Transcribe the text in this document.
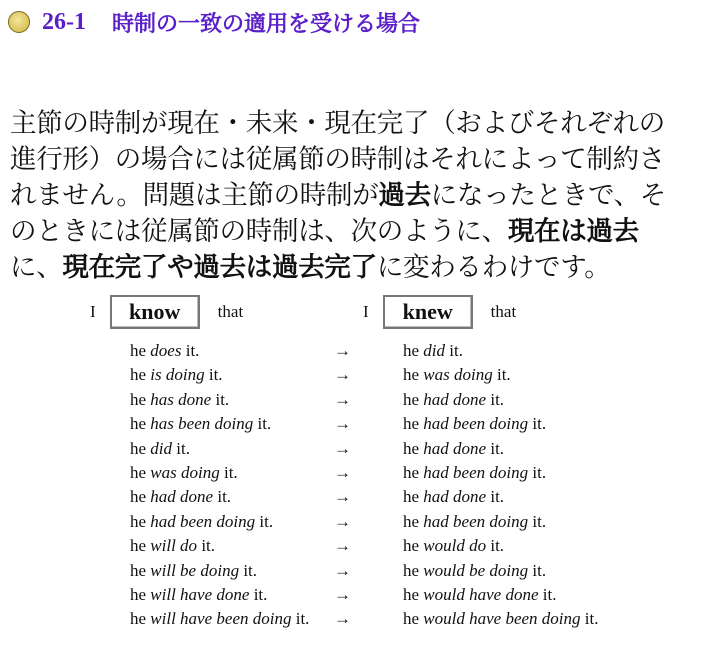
26-1 時制の一致の適用を受ける場合
主節の時制が現在・未来・現在完了（およびそれぞれの
進行形）の場合には従属節の時制はそれによって制約さ
れません。問題は主節の時制が過去になったときで、そ
のときには従属節の時制は、次のように、現在は過去
に、現在完了や過去は過去完了に変わるわけです。
I	know	that	I	knew	that
he does it.	→	he did it.
he is doing it.	→	he was doing it.
he has done it.	→	he had done it.
he has been doing it.	→	he had been doing it.
he did it.	→	he had done it.
he was doing it.	→	he had been doing it.
he had done it.	→	he had done it.
he had been doing it.	→	he had been doing it.
he will do it.	→	he would do it.
he will be doing it.	→	he would be doing it.
he will have done it.	→	he would have done it.
he will have been doing it. →	he would have been doing it.
